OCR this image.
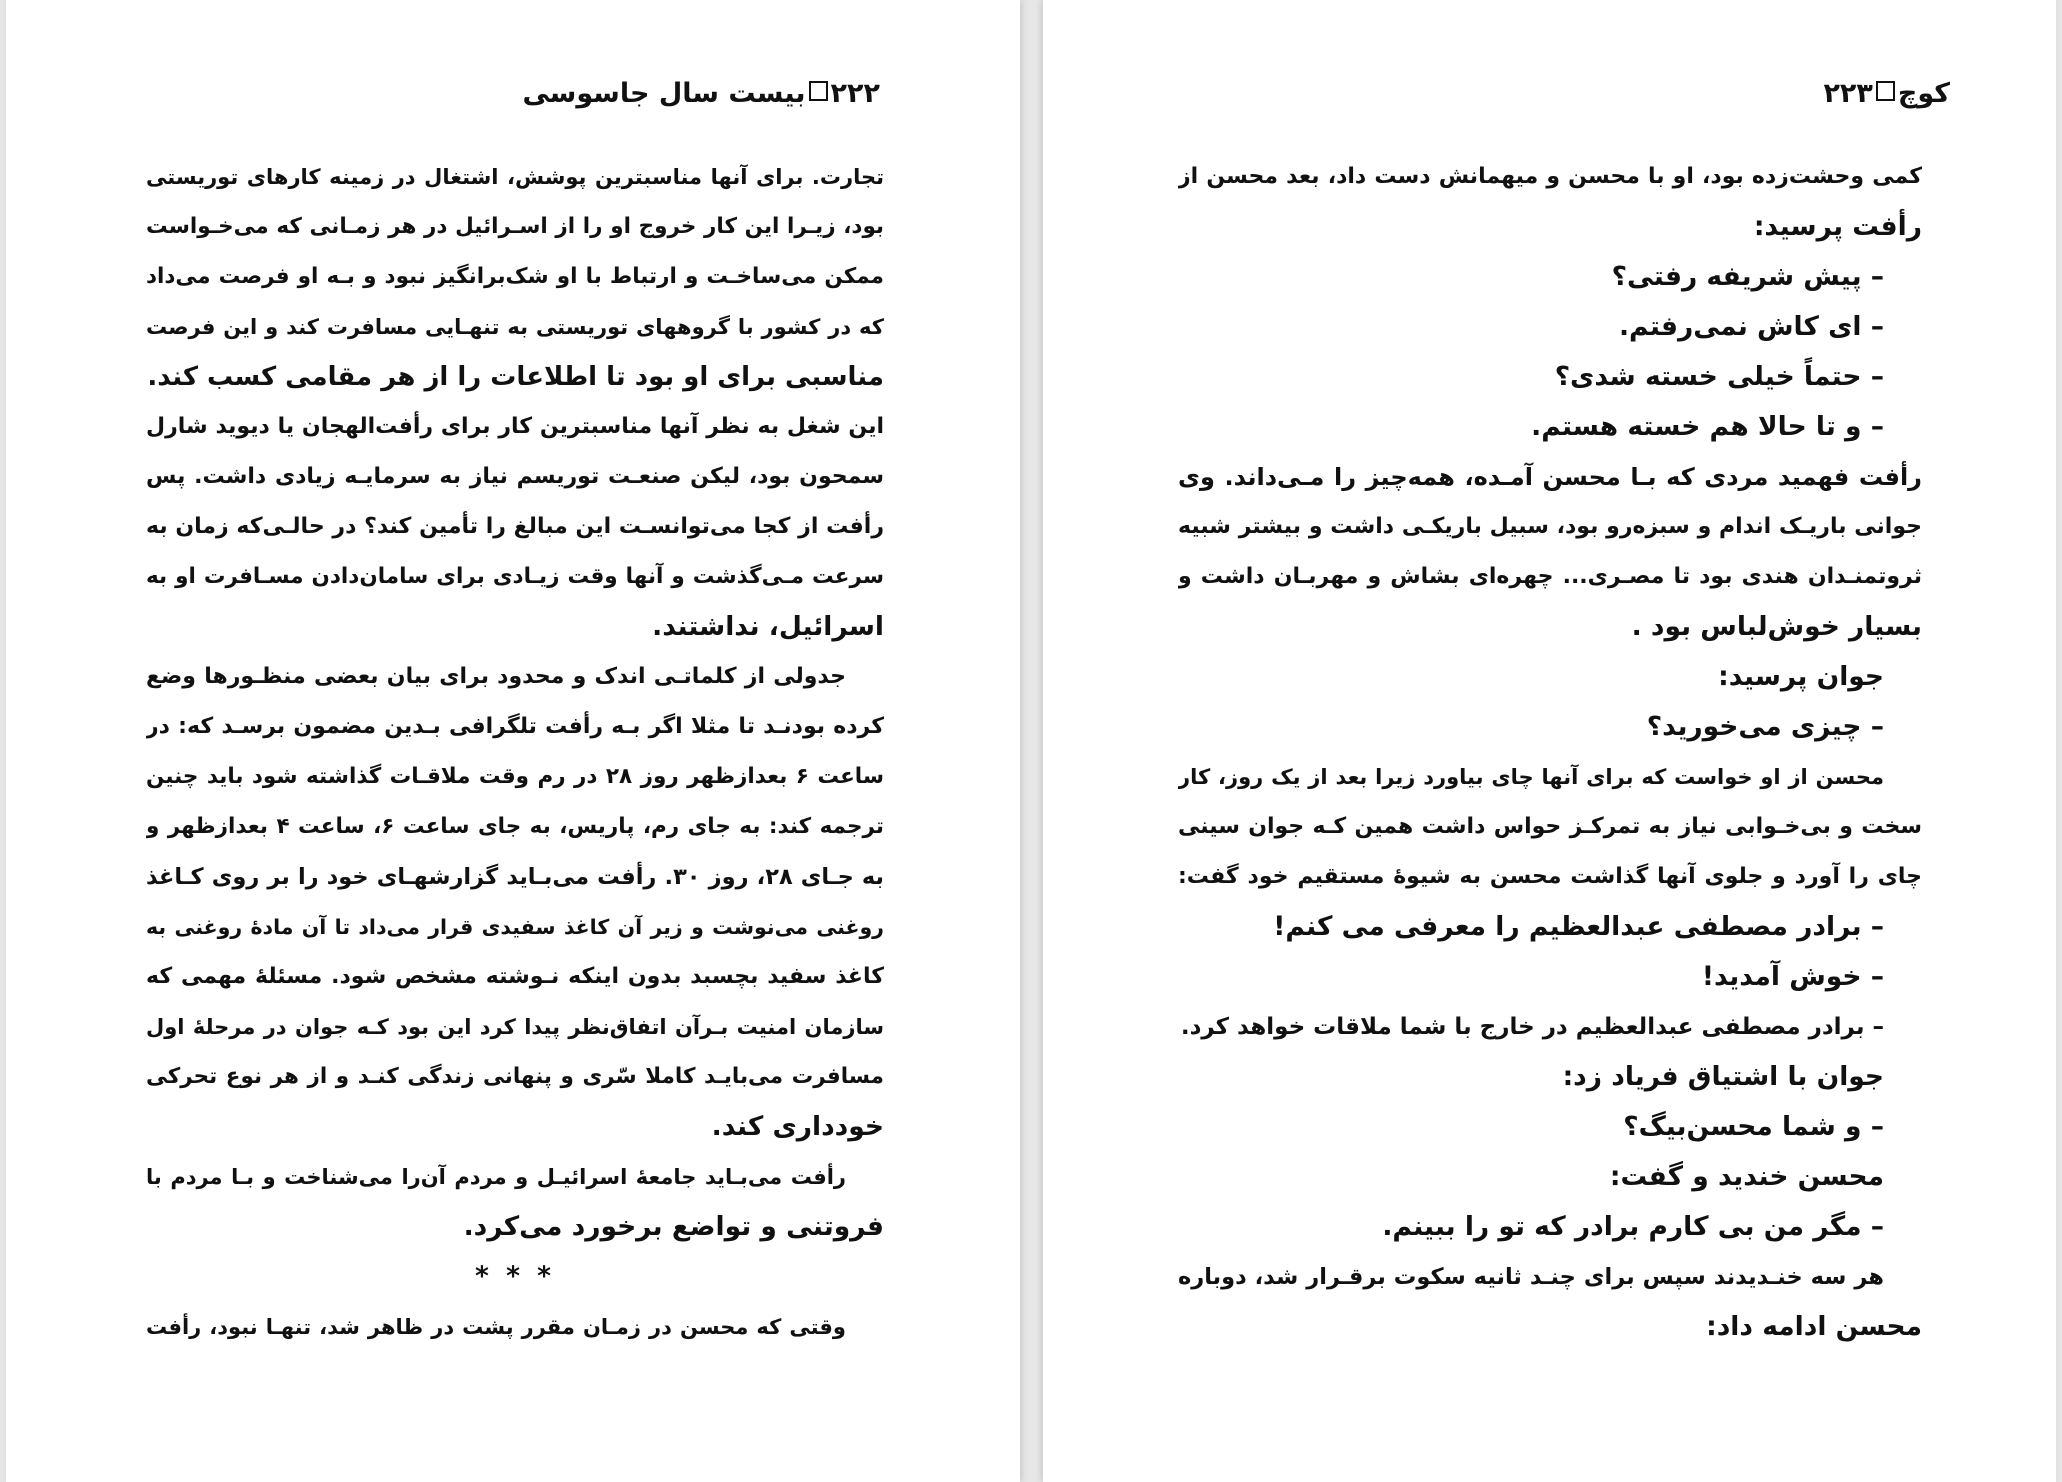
۲۲۲بیست سال جاسوسی
تجارت. برای آنها مناسبترین پوشش، اشتغال در زمینه کارهای توریستی
بود، زیـرا این کار خروج او را از اسـرائیل در هر زمـانی که می‌خـواست
ممکن می‌ساخـت و ارتباط با او شک‌برانگیز نبود و بـه او فرصت می‌داد
که در کشور با گروههای توریستی به تنهـایی مسافرت کند و این فرصت
مناسبی برای او بود تا اطلاعات را از هر مقامی کسب کند.
این شغل به نظر آنها مناسبترین کار برای رأفت‌الهجان یا دیوید شارل
سمحون بود، لیکن صنعـت توریسم نیاز به سرمایـه زیادی داشت. پس
رأفت از کجا می‌توانسـت این مبالغ را تأمین کند؟ در حالـی‌که زمان به
سرعت مـی‌گذشت و آنها وقت زیـادی برای سامان‌دادن مسـافرت او به
اسرائیل، نداشتند.
جدولی از کلماتـی اندک و محدود برای بیان بعضی منظـورها وضع
کرده بودنـد تا مثلا اگر بـه رأفت تلگرافی بـدین مضمون برسـد که: در
ساعت ۶ بعدازظهر روز ۲۸ در رم وقت ملاقـات گذاشته شود باید چنین
ترجمه کند: به جای رم، پاریس، به جای ساعت ۶، ساعت ۴ بعدازظهر و
به جـای ۲۸، روز ۳۰. رأفت می‌بـاید گزارشهـای خود را بر روی کـاغذ
روغنی می‌نوشت و زیر آن کاغذ سفیدی قرار می‌داد تا آن مادهٔ روغنی به
کاغذ سفید بچسبد بدون اینکه نـوشته مشخص شود. مسئلهٔ مهمی که
سازمان امنیت بـرآن اتفاق‌نظر پیدا کرد این بود کـه جوان در مرحلهٔ اول
مسافرت می‌بایـد کاملا سّری و پنهانی زندگی کنـد و از هر نوع تحرکی
خودداری کند.
رأفت می‌بـاید جامعهٔ اسرائیـل و مردم آن‌را می‌شناخت و بـا مردم با
فروتنی و تواضع برخورد می‌کرد.
* * *
وقتی که محسن در زمـان مقرر پشت در ظاهر شد، تنهـا نبود، رأفت
کوچ۲۲۳
کمی وحشت‌زده بود، او با محسن و میهمانش دست داد، بعد محسن از
رأفت پرسید:
– پیش شریفه رفتی؟
– ای کاش نمی‌رفتم.
– حتماً خیلی خسته شدی؟
– و تا حالا هم خسته هستم.
رأفت فهمید مردی که بـا محسن آمـده، همه‌چیز را مـی‌داند. وی
جوانی باریـک اندام و سبزه‌رو بود، سبیل باریکـی داشت و بیشتر شبیه
ثروتمنـدان هندی بود تا مصـری... چهره‌ای بشاش و مهربـان داشت و
بسیار خوش‌لباس بود .
جوان پرسید:
– چیزی می‌خورید؟
محسن از او خواست که برای آنها چای بیاورد زیرا بعد از یک روز، کار
سخت و بی‌خـوابی نیاز به تمرکـز حواس داشت همین کـه جوان سینی
چای را آورد و جلوی آنها گذاشت محسن به شیوهٔ مستقیم خود گفت:
– برادر مصطفی عبدالعظیم را معرفی می کنم!
– خوش آمدید!
– برادر مصطفی عبدالعظیم در خارج با شما ملاقات خواهد کرد.
جوان با اشتیاق فریاد زد:
– و شما محسن‌بیگ؟
محسن خندید و گفت:
– مگر من بی کارم برادر که تو را ببینم.
هر سه خنـدیدند سپس برای چنـد ثانیه سکوت برقـرار شد، دوباره
محسن ادامه داد:
